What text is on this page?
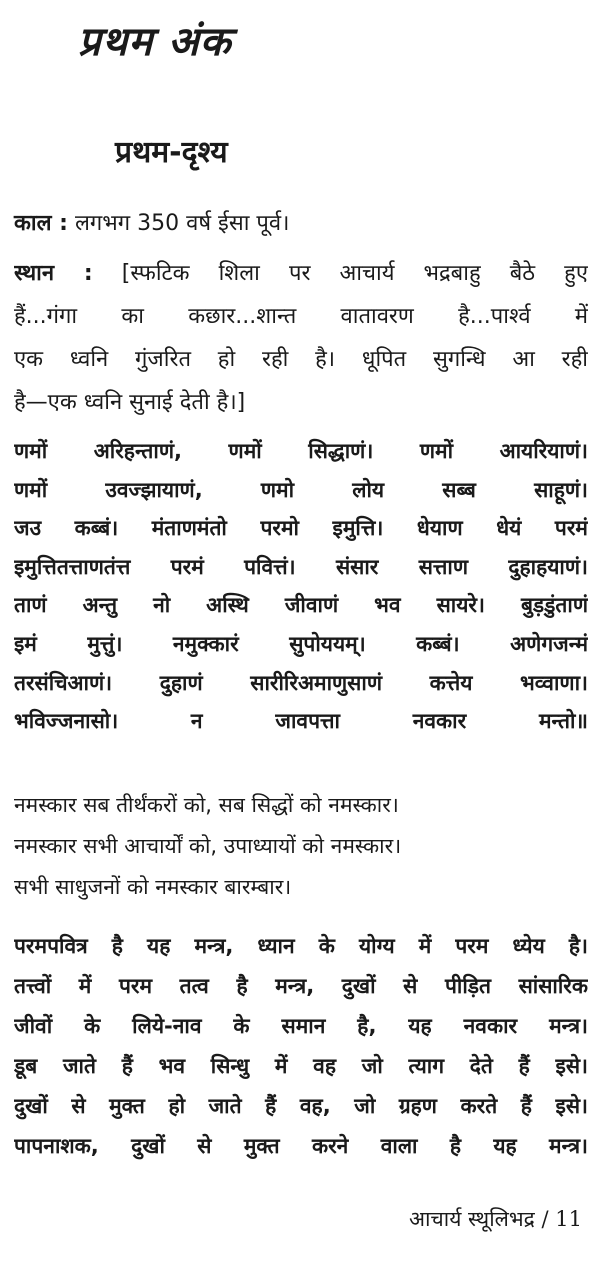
प्रथम अंक
प्रथम-दृश्य

काल : लगभग 350 वर्ष ईसा पूर्व।

स्थान : [स्फटिक शिला पर आचार्य भद्रबाहु बैठे हुए
हैं...गंगा का कछार...शान्त वातावरण है...पार्श्व में
एक ध्वनि गुंजरित हो रही है। धूपित सुगन्धि आ रही
है—एक ध्वनि सुनाई देती है।]
णमों अरिहन्ताणं, णमों सिद्धाणं। णमों आयरियाणं।
णमों उवज्झायाणं, णमो लोय सब्ब साहूणं।
जउ कब्बं। मंताणमंतो परमो इमुत्ति। धेयाण धेयं परमं
इमुत्तितत्ताणतंत्त परमं पवित्तं। संसार सत्ताण दुहाहयाणं।
ताणं अन्तु नो अस्थि जीवाणं भव सायरे। बुड़डुंताणं
इमं मुत्तुं। नमुक्कारं सुपोययम्। कब्बं। अणेगजन्मं
तरसंचिआणं। दुहाणं सारीरिअमाणुसाणं कत्तेय भव्वाणा।
भविज्जनासो। न जावपत्ता नवकार मन्तो॥
नमस्कार सब तीर्थंकरों को, सब सिद्धों को नमस्कार।
नमस्कार सभी आचार्यों को, उपाध्यायों को नमस्कार।
सभी साधुजनों को नमस्कार बारम्बार।
परमपवित्र है यह मन्त्र, ध्यान के योग्य में परम ध्येय है।
तत्त्वों में परम तत्व है मन्त्र, दुखों से पीड़ित सांसारिक
जीवों के लिये-नाव के समान है, यह नवकार मन्त्र।
डूब जाते हैं भव सिन्धु में वह जो त्याग देते हैं इसे।
दुखों से मुक्त हो जाते हैं वह, जो ग्रहण करते हैं इसे।
पापनाशक, दुखों से मुक्त करने वाला है यह मन्त्र।

आचार्य स्थूलिभद्र / 11
